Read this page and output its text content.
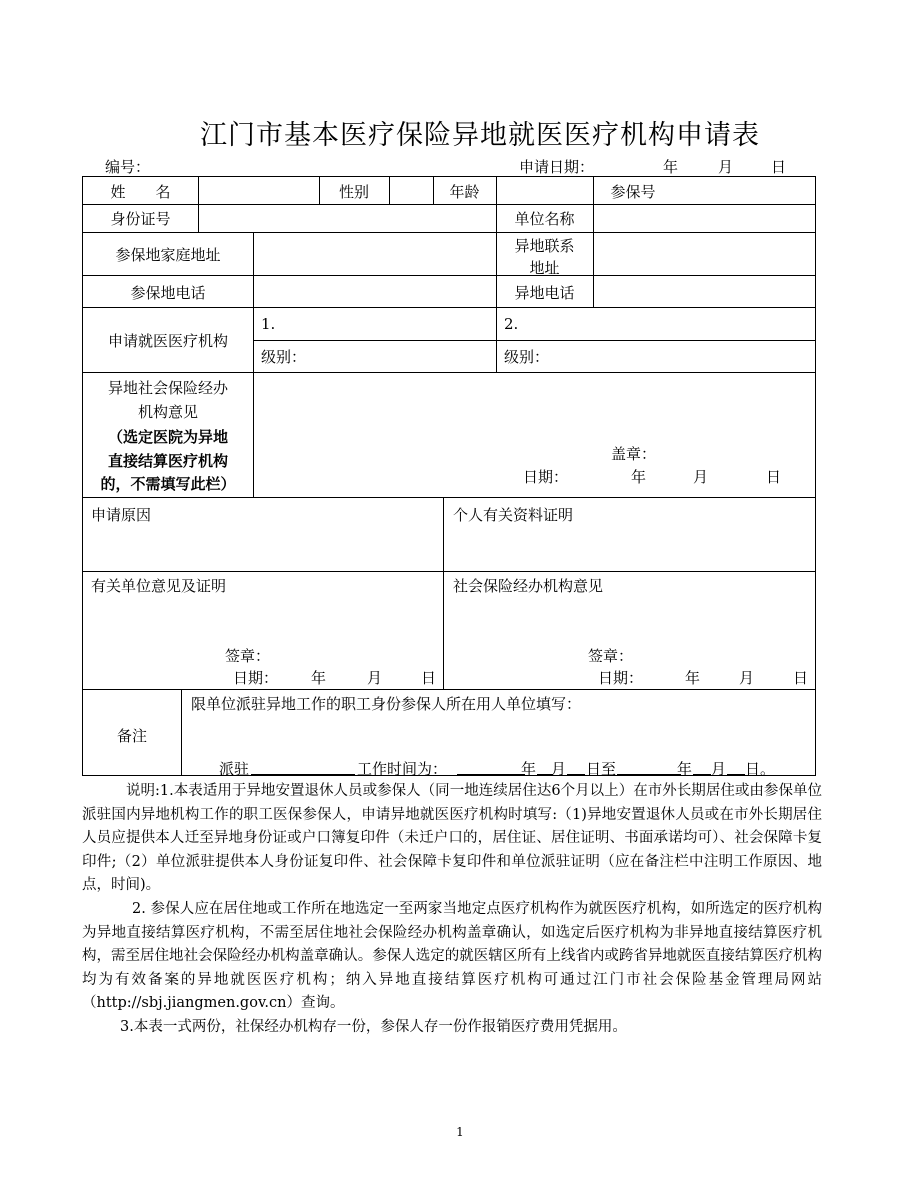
江门市基本医疗保险异地就医医疗机构申请表
编号：	申请日期：	年	月	日
姓　　名	性别	年龄	参保号
身份证号	单位名称
参保地家庭地址	异地联系
地址
参保地电话	异地电话
申请就医医疗机构
1.	2.
级别：	级别：
异地社会保险经办
机构意见
（选定医院为异地
直接结算医疗机构
的，不需填写此栏）
盖章：
日期：	年	月	日
申请原因	个人有关资料证明
有关单位意见及证明	社会保险经办机构意见
签章：
日期： 年	月	日
签章：
日期：	年	月	日
备注
限单位派驻异地工作的职工身份参保人所在用人单位填写：
派驻	工作时间为：	年 月 日至	年 月 日。

说明:1.本表适用于异地安置退休人员或参保人（同一地连续居住达6个月以上）在市外长期居住或由参保单位派驻国内异地机构工作的职工医保参保人，申请异地就医医疗机构时填写:（1)异地安置退休人员或在市外长期居住人员应提供本人迁至异地身份证或户口簿复印件（未迁户口的，居住证、居住证明、书面承诺均可）、社会保障卡复印件;（2）单位派驻提供本人身份证复印件、社会保障卡复印件和单位派驻证明（应在备注栏中注明工作原因、地点，时间)。

2. 参保人应在居住地或工作所在地选定一至两家当地定点医疗机构作为就医医疗机构，如所选定的医疗机构为异地直接结算医疗机构，不需至居住地社会保险经办机构盖章确认，如选定后医疗机构为非异地直接结算医疗机构，需至居住地社会保险经办机构盖章确认。参保人选定的就医辖区所有上线省内或跨省异地就医直接结算医疗机构均为有效备案的异地就医医疗机构；纳入异地直接结算医疗机构可通过江门市社会保险基金管理局网站（http://sbj.jiangmen.gov.cn）查询。

3.本表一式两份，社保经办机构存一份，参保人存一份作报销医疗费用凭据用。

1
